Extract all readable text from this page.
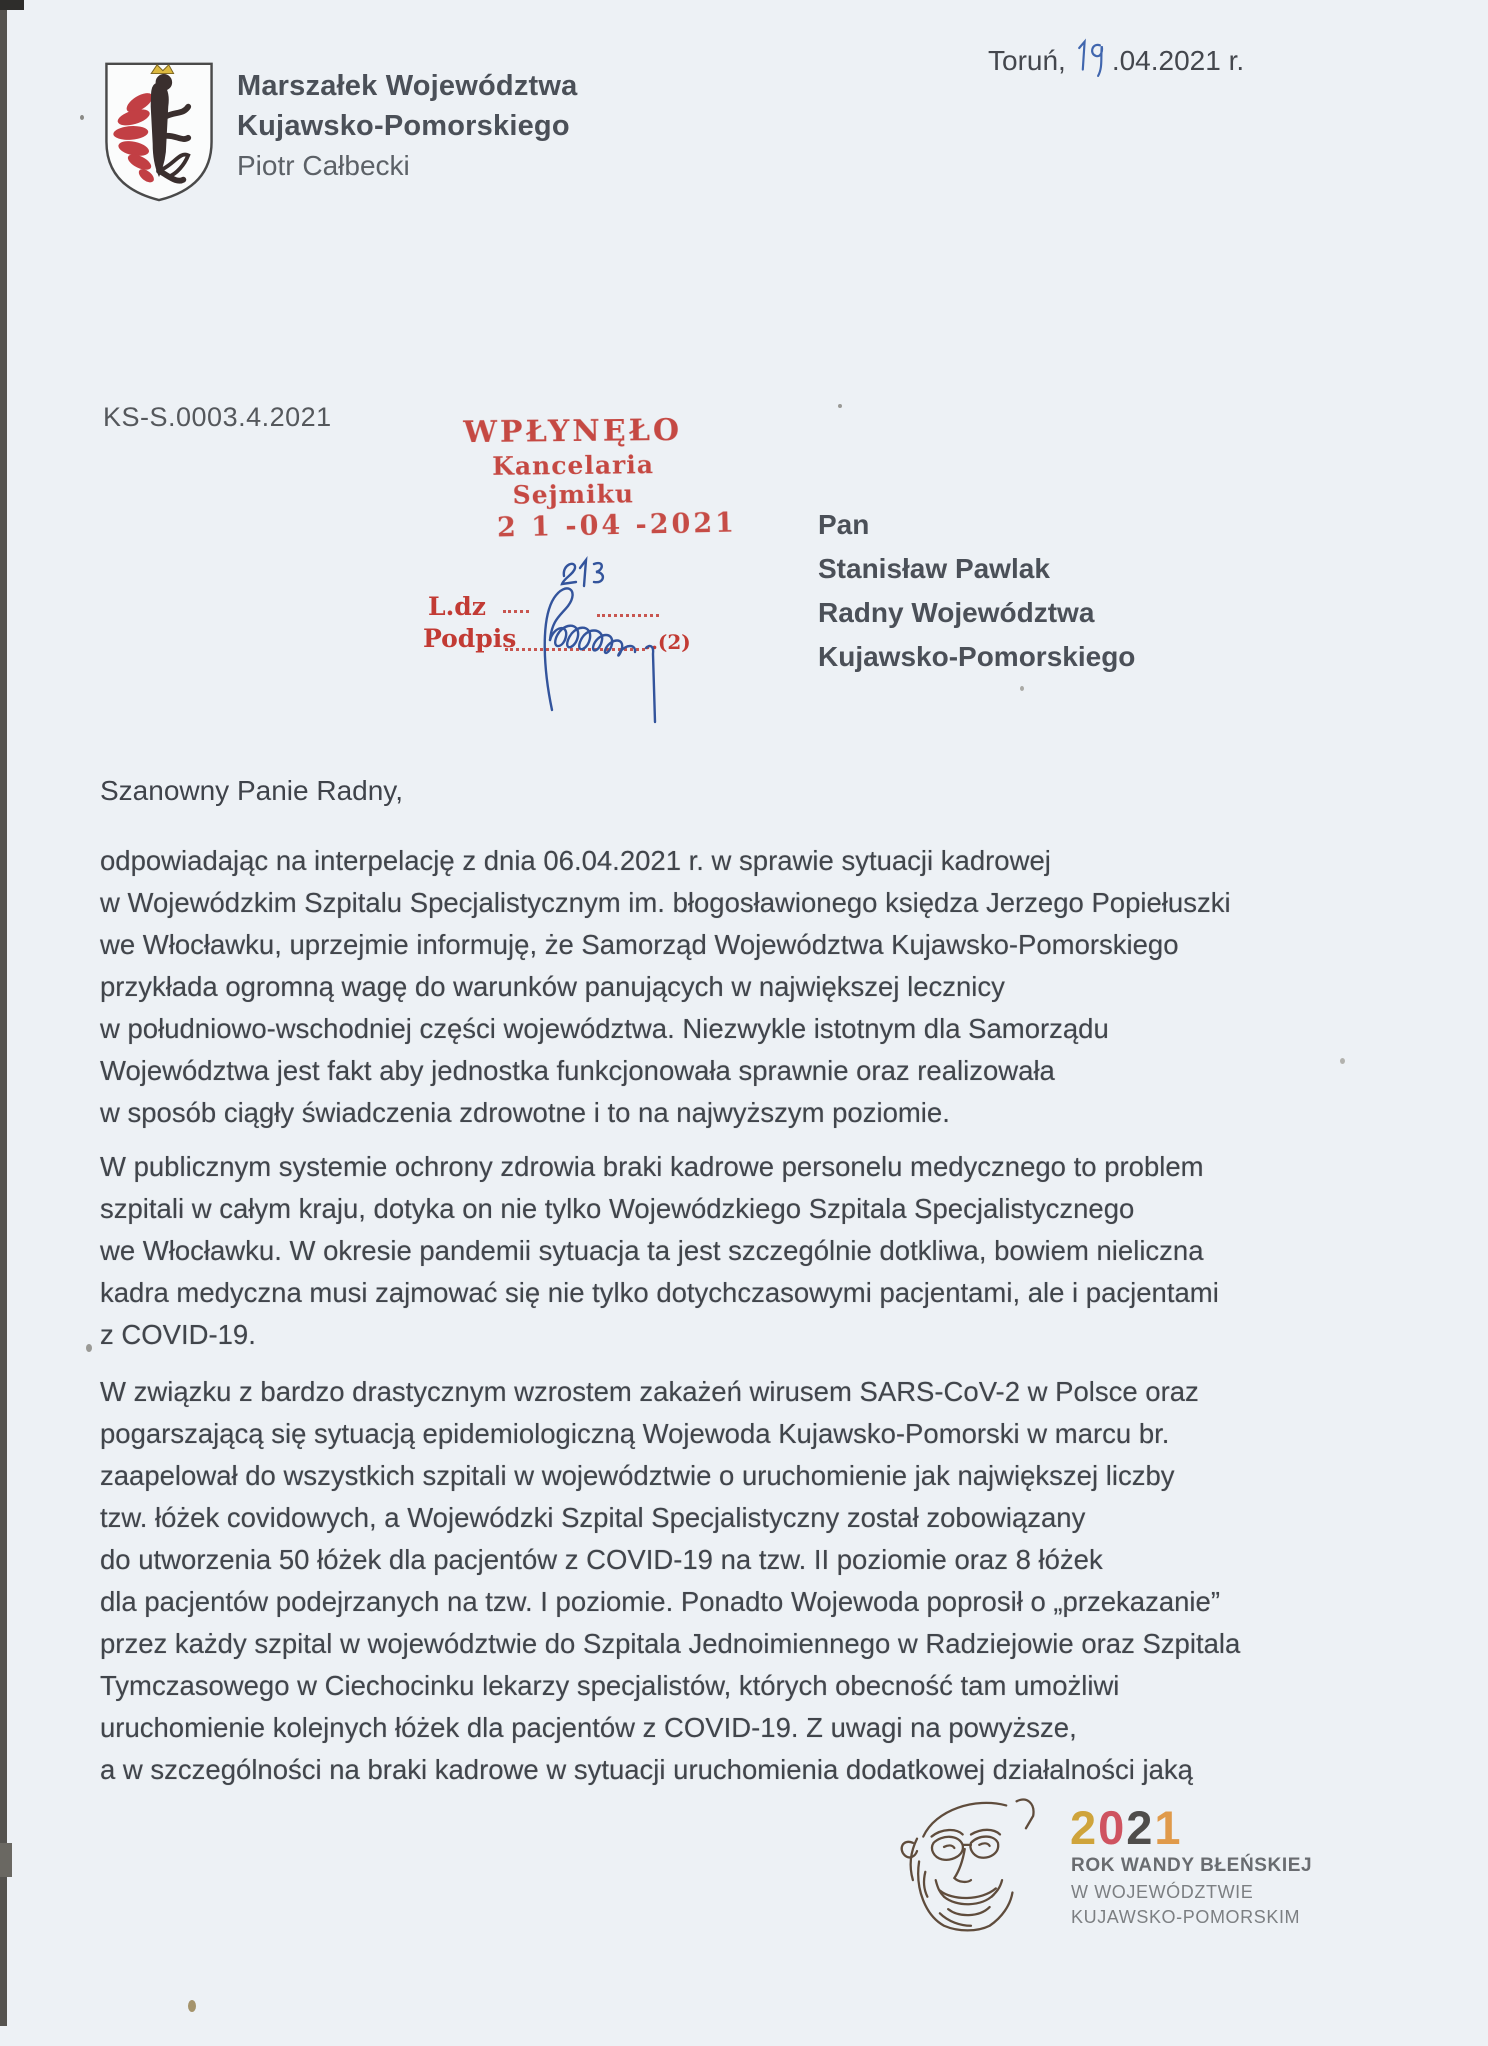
Marszałek Województwa
Kujawsko-Pomorskiego
Piotr Całbecki
Toruń, .04.2021 r.
KS-S.0003.4.2021	WPŁYNĘŁO
Kancelaria Sejmiku
2 1 -04 -2021
L.dz
Podpis	..(2)
Pan
Stanisław Pawlak
Radny Województwa
Kujawsko-Pomorskiego
Szanowny Panie Radny,
odpowiadając na interpelację z dnia 06.04.2021 r. w sprawie sytuacji kadrowej
w Wojewódzkim Szpitalu Specjalistycznym im. błogosławionego księdza Jerzego Popiełuszki
we Włocławku, uprzejmie informuję, że Samorząd Województwa Kujawsko-Pomorskiego
przykłada ogromną wagę do warunków panujących w największej lecznicy
w południowo-wschodniej części województwa. Niezwykle istotnym dla Samorządu
Województwa jest fakt aby jednostka funkcjonowała sprawnie oraz realizowała
w sposób ciągły świadczenia zdrowotne i to na najwyższym poziomie.
W publicznym systemie ochrony zdrowia braki kadrowe personelu medycznego to problem
szpitali w całym kraju, dotyka on nie tylko Wojewódzkiego Szpitala Specjalistycznego
we Włocławku. W okresie pandemii sytuacja ta jest szczególnie dotkliwa, bowiem nieliczna
kadra medyczna musi zajmować się nie tylko dotychczasowymi pacjentami, ale i pacjentami
z COVID-19.
W związku z bardzo drastycznym wzrostem zakażeń wirusem SARS-CoV-2 w Polsce oraz
pogarszającą się sytuacją epidemiologiczną Wojewoda Kujawsko-Pomorski w marcu br.
zaapelował do wszystkich szpitali w województwie o uruchomienie jak największej liczby
tzw. łóżek covidowych, a Wojewódzki Szpital Specjalistyczny został zobowiązany
do utworzenia 50 łóżek dla pacjentów z COVID-19 na tzw. II poziomie oraz 8 łóżek
dla pacjentów podejrzanych na tzw. I poziomie. Ponadto Wojewoda poprosił o „przekazanie”
przez każdy szpital w województwie do Szpitala Jednoimiennego w Radziejowie oraz Szpitala
Tymczasowego w Ciechocinku lekarzy specjalistów, których obecność tam umożliwi
uruchomienie kolejnych łóżek dla pacjentów z COVID-19. Z uwagi na powyższe,
a w szczególności na braki kadrowe w sytuacji uruchomienia dodatkowej działalności jaką
2021
ROK WANDY BŁEŃSKIEJ
W WOJEWÓDZTWIE
KUJAWSKO-POMORSKIM
